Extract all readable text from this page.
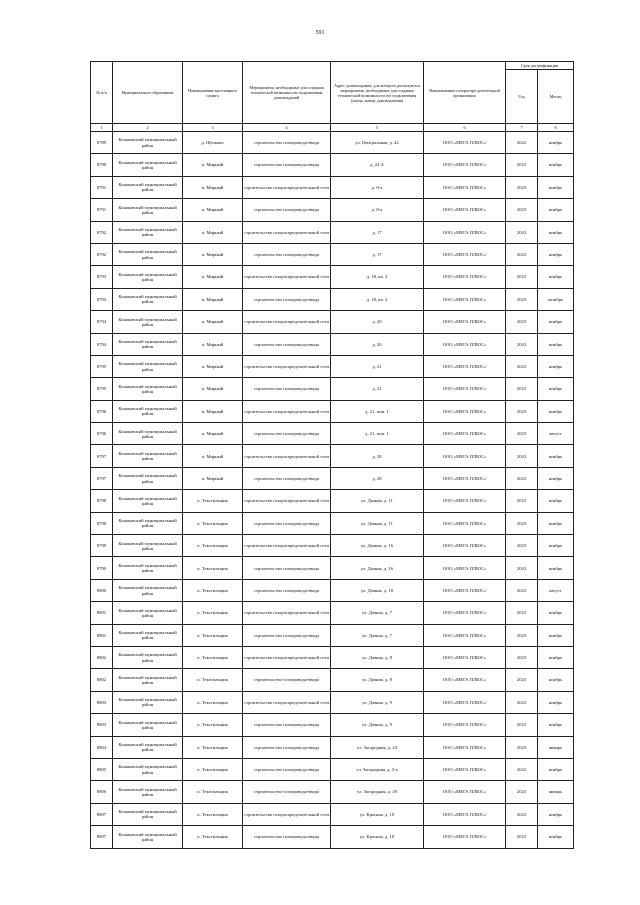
591
№ п/п	Муниципальное образование	Наименование населенного пункта	Мероприятия, необходимые для создания технической возможности подключения домовладений	Адрес домовладения, для которого реализуются мероприятия, необходимые для создания технической возможности его подключения (улица, номер домовладения)	Наименование газораспре-делительной организации	Срок догазификации	
						Год	Месяц
1	2	3	4	5	6	7	8
8789	Конаковский муниципальный район	д. Щелково	строительство газопровода-ввода	ул. Центральная, д. 42	ООО «МЕГА ПЛЮС»	2022	ноябрь
8790	Конаковский муниципальный район	п. Мирный	строительство газопровода-ввода	д. 24 А	ООО «МЕГА ПЛЮС»	2023	ноябрь
8791	Конаковский муниципальный район	п. Мирный	строительство газораспределительной сети	д. 8-а	ООО «МЕГА ПЛЮС»	2023	ноябрь
8791	Конаковский муниципальный район	п. Мирный	строительство газопровода-ввода	д. 8-а	ООО «МЕГА ПЛЮС»	2023	ноябрь
8792	Конаковский муниципальный район	п. Мирный	строительство газораспределительной сети	д. 17	ООО «МЕГА ПЛЮС»	2023	ноябрь
8792	Конаковский муниципальный район	п. Мирный	строительство газопровода-ввода	д. 17	ООО «МЕГА ПЛЮС»	2023	ноябрь
8793	Конаковский муниципальный район	п. Мирный	строительство газораспределительной сети	д. 18, кв. 2	ООО «МЕГА ПЛЮС»	2023	ноябрь
8793	Конаковский муниципальный район	п. Мирный	строительство газопровода-ввода	д. 18, кв. 2	ООО «МЕГА ПЛЮС»	2023	октябрь
8794	Конаковский муниципальный район	п. Мирный	строительство газораспределительной сети	д. 20	ООО «МЕГА ПЛЮС»	2023	ноябрь
8794	Конаковский муниципальный район	п. Мирный	строительство газопровода-ввода	д. 20	ООО «МЕГА ПЛЮС»	2023	ноябрь
8795	Конаковский муниципальный район	п. Мирный	строительство газораспределительной сети	д. 21	ООО «МЕГА ПЛЮС»	2023	ноябрь
8795	Конаковский муниципальный район	п. Мирный	строительство газопровода-ввода	д. 21	ООО «МЕГА ПЛЮС»	2023	ноябрь
8796	Конаковский муниципальный район	п. Мирный	строительство газораспределительной сети	д. 21, пом. 1	ООО «МЕГА ПЛЮС»	2023	ноябрь
8796	Конаковский муниципальный район	п. Мирный	строительство газопровода-ввода	д. 21, пом. 1	ООО «МЕГА ПЛЮС»	2023	август
8797	Конаковский муниципальный район	п. Мирный	строительство газораспределительной сети	д. 28	ООО «МЕГА ПЛЮС»	2023	ноябрь
8797	Конаковский муниципальный район	п. Мирный	строительство газопровода-ввода	д. 28	ООО «МЕГА ПЛЮС»	2023	ноябрь
8798	Конаковский муниципальный район	п. Текстильщик	строительство газораспределительной сети	ул. Дачная, д. 11	ООО «МЕГА ПЛЮС»	2023	ноябрь
8798	Конаковский муниципальный район	п. Текстильщик	строительство газопровода-ввода	ул. Дачная, д. 11	ООО «МЕГА ПЛЮС»	2023	ноябрь
8799	Конаковский муниципальный район	п. Текстильщик	строительство газораспределительной сети	ул. Дачная, д. 16	ООО «МЕГА ПЛЮС»	2023	ноябрь
8799	Конаковский муниципальный район	п. Текстильщик	строительство газопровода-ввода	ул. Дачная, д. 16	ООО «МЕГА ПЛЮС»	2023	ноябрь
8800	Конаковский муниципальный район	п. Текстильщик	строительство газопровода-ввода	ул. Дачная, д. 18	ООО «МЕГА ПЛЮС»	2023	август
8801	Конаковский муниципальный район	п. Текстильщик	строительство газораспределительной сети	ул. Дачная, д. 7	ООО «МЕГА ПЛЮС»	2023	ноябрь
8801	Конаковский муниципальный район	п. Текстильщик	строительство газопровода-ввода	ул. Дачная, д. 7	ООО «МЕГА ПЛЮС»	2023	ноябрь
8802	Конаковский муниципальный район	п. Текстильщик	строительство газораспределительной сети	ул. Дачная, д. 8	ООО «МЕГА ПЛЮС»	2023	ноябрь
8802	Конаковский муниципальный район	п. Текстильщик	строительство газопровода-ввода	ул. Дачная, д. 8	ООО «МЕГА ПЛЮС»	2023	ноябрь
8803	Конаковский муниципальный район	п. Текстильщик	строительство газораспределительной сети	ул. Дачная, д. 9	ООО «МЕГА ПЛЮС»	2023	ноябрь
8803	Конаковский муниципальный район	п. Текстильщик	строительство газопровода-ввода	ул. Дачная, д. 9	ООО «МЕГА ПЛЮС»	2023	ноябрь
8804	Конаковский муниципальный район	п. Текстильщик	строительство газопровода-ввода	ул. Загородная, д. 24	ООО «МЕГА ПЛЮС»	2023	январь
8805	Конаковский муниципальный район	п. Текстильщик	строительство газопровода-ввода	ул. Загородная, д. 3-а	ООО «МЕГА ПЛЮС»	2022	ноябрь
8806	Конаковский муниципальный район	п. Текстильщик	строительство газопровода-ввода	ул. Загородная, д. 49	ООО «МЕГА ПЛЮС»	2023	январь
8807	Конаковский муниципальный район	п. Текстильщик	строительство газораспределительной сети	ул. Красная, д. 10	ООО «МЕГА ПЛЮС»	2023	ноябрь
8807	Конаковский муниципальный район	п. Текстильщик	строительство газопровода-ввода	ул. Красная, д. 10	ООО «МЕГА ПЛЮС»	2023	ноябрь
